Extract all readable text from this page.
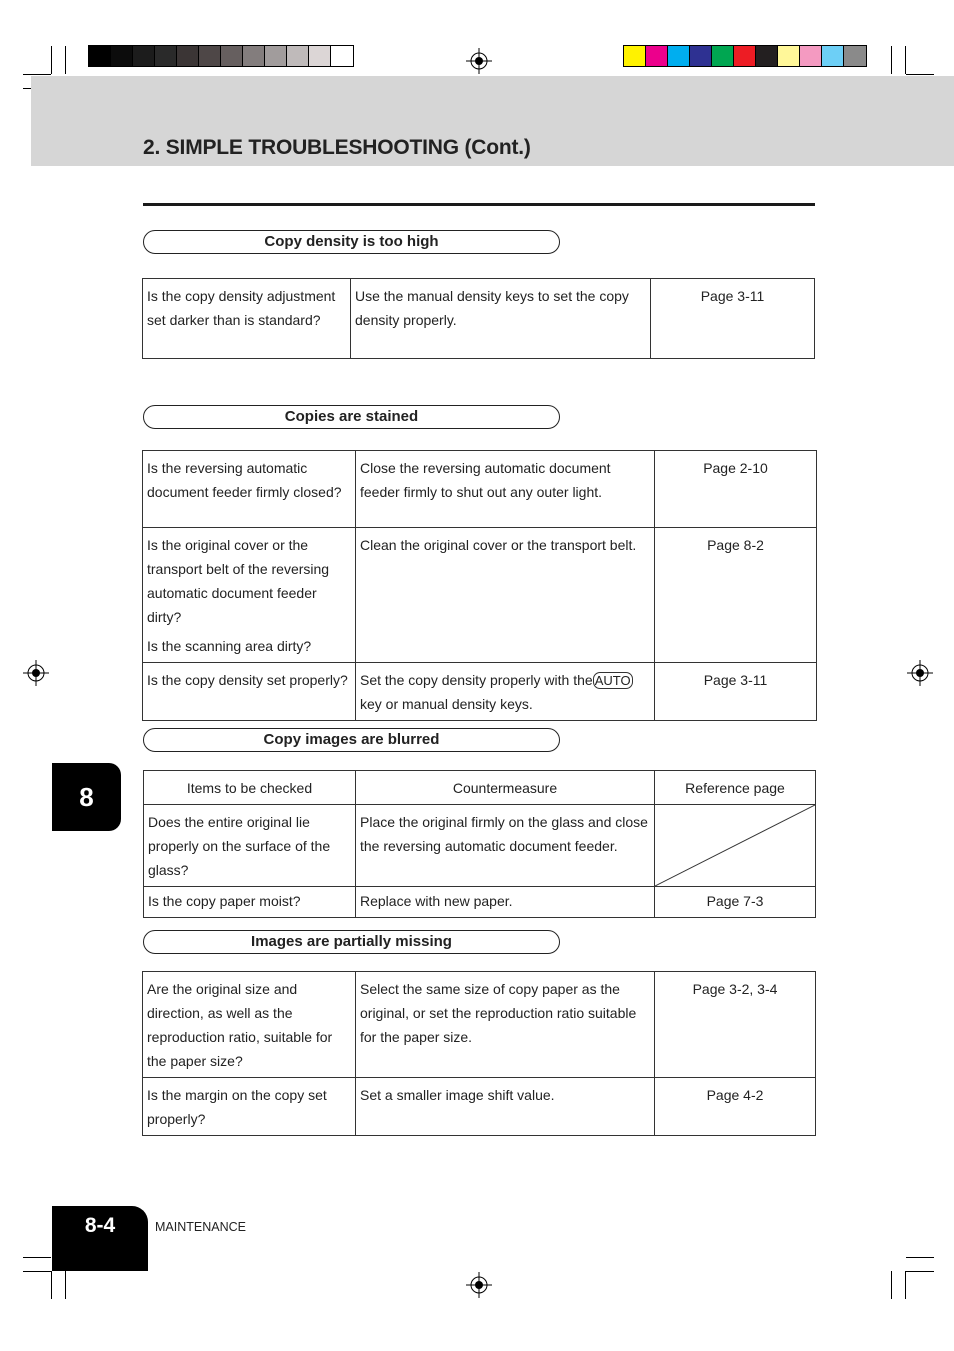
2. SIMPLE TROUBLESHOOTING (Cont.)
Copy density is too high
Is the copy density adjustment set darker than is standard?	Use the manual density keys to set the copy density properly.	Page 3-11
Copies are stained
Is the reversing automatic document feeder firmly closed?	Close the reversing automatic document feeder firmly to shut out any outer light.	Page 2-10

Is the original cover or the transport belt of the reversing automatic document feeder dirty?
Is the scanning area dirty?	Clean the original cover or the transport belt.	Page 8-2
Is the copy density set properly?	Set the copy density properly with the AUTOkey or manual density keys.	Page 3-11
Copy images are blurred
Items to be checked	Countermeasure	Reference page
Does the entire original lie properly on the surface of the glass?	Place the original firmly on the glass and close the reversing automatic document feeder.	

Is the copy paper moist?	Replace with new paper.	Page 7-3
Images are partially missing
Are the original size and direction, as well as the reproduction ratio, suitable for the paper size?	Select the same size of copy paper as the original, or set the reproduction ratio suitable for the paper size.	Page 3-2, 3-4
Is the margin on the copy set properly?	Set a smaller image shift value.	Page 4-2
8
8-4	MAINTENANCE
